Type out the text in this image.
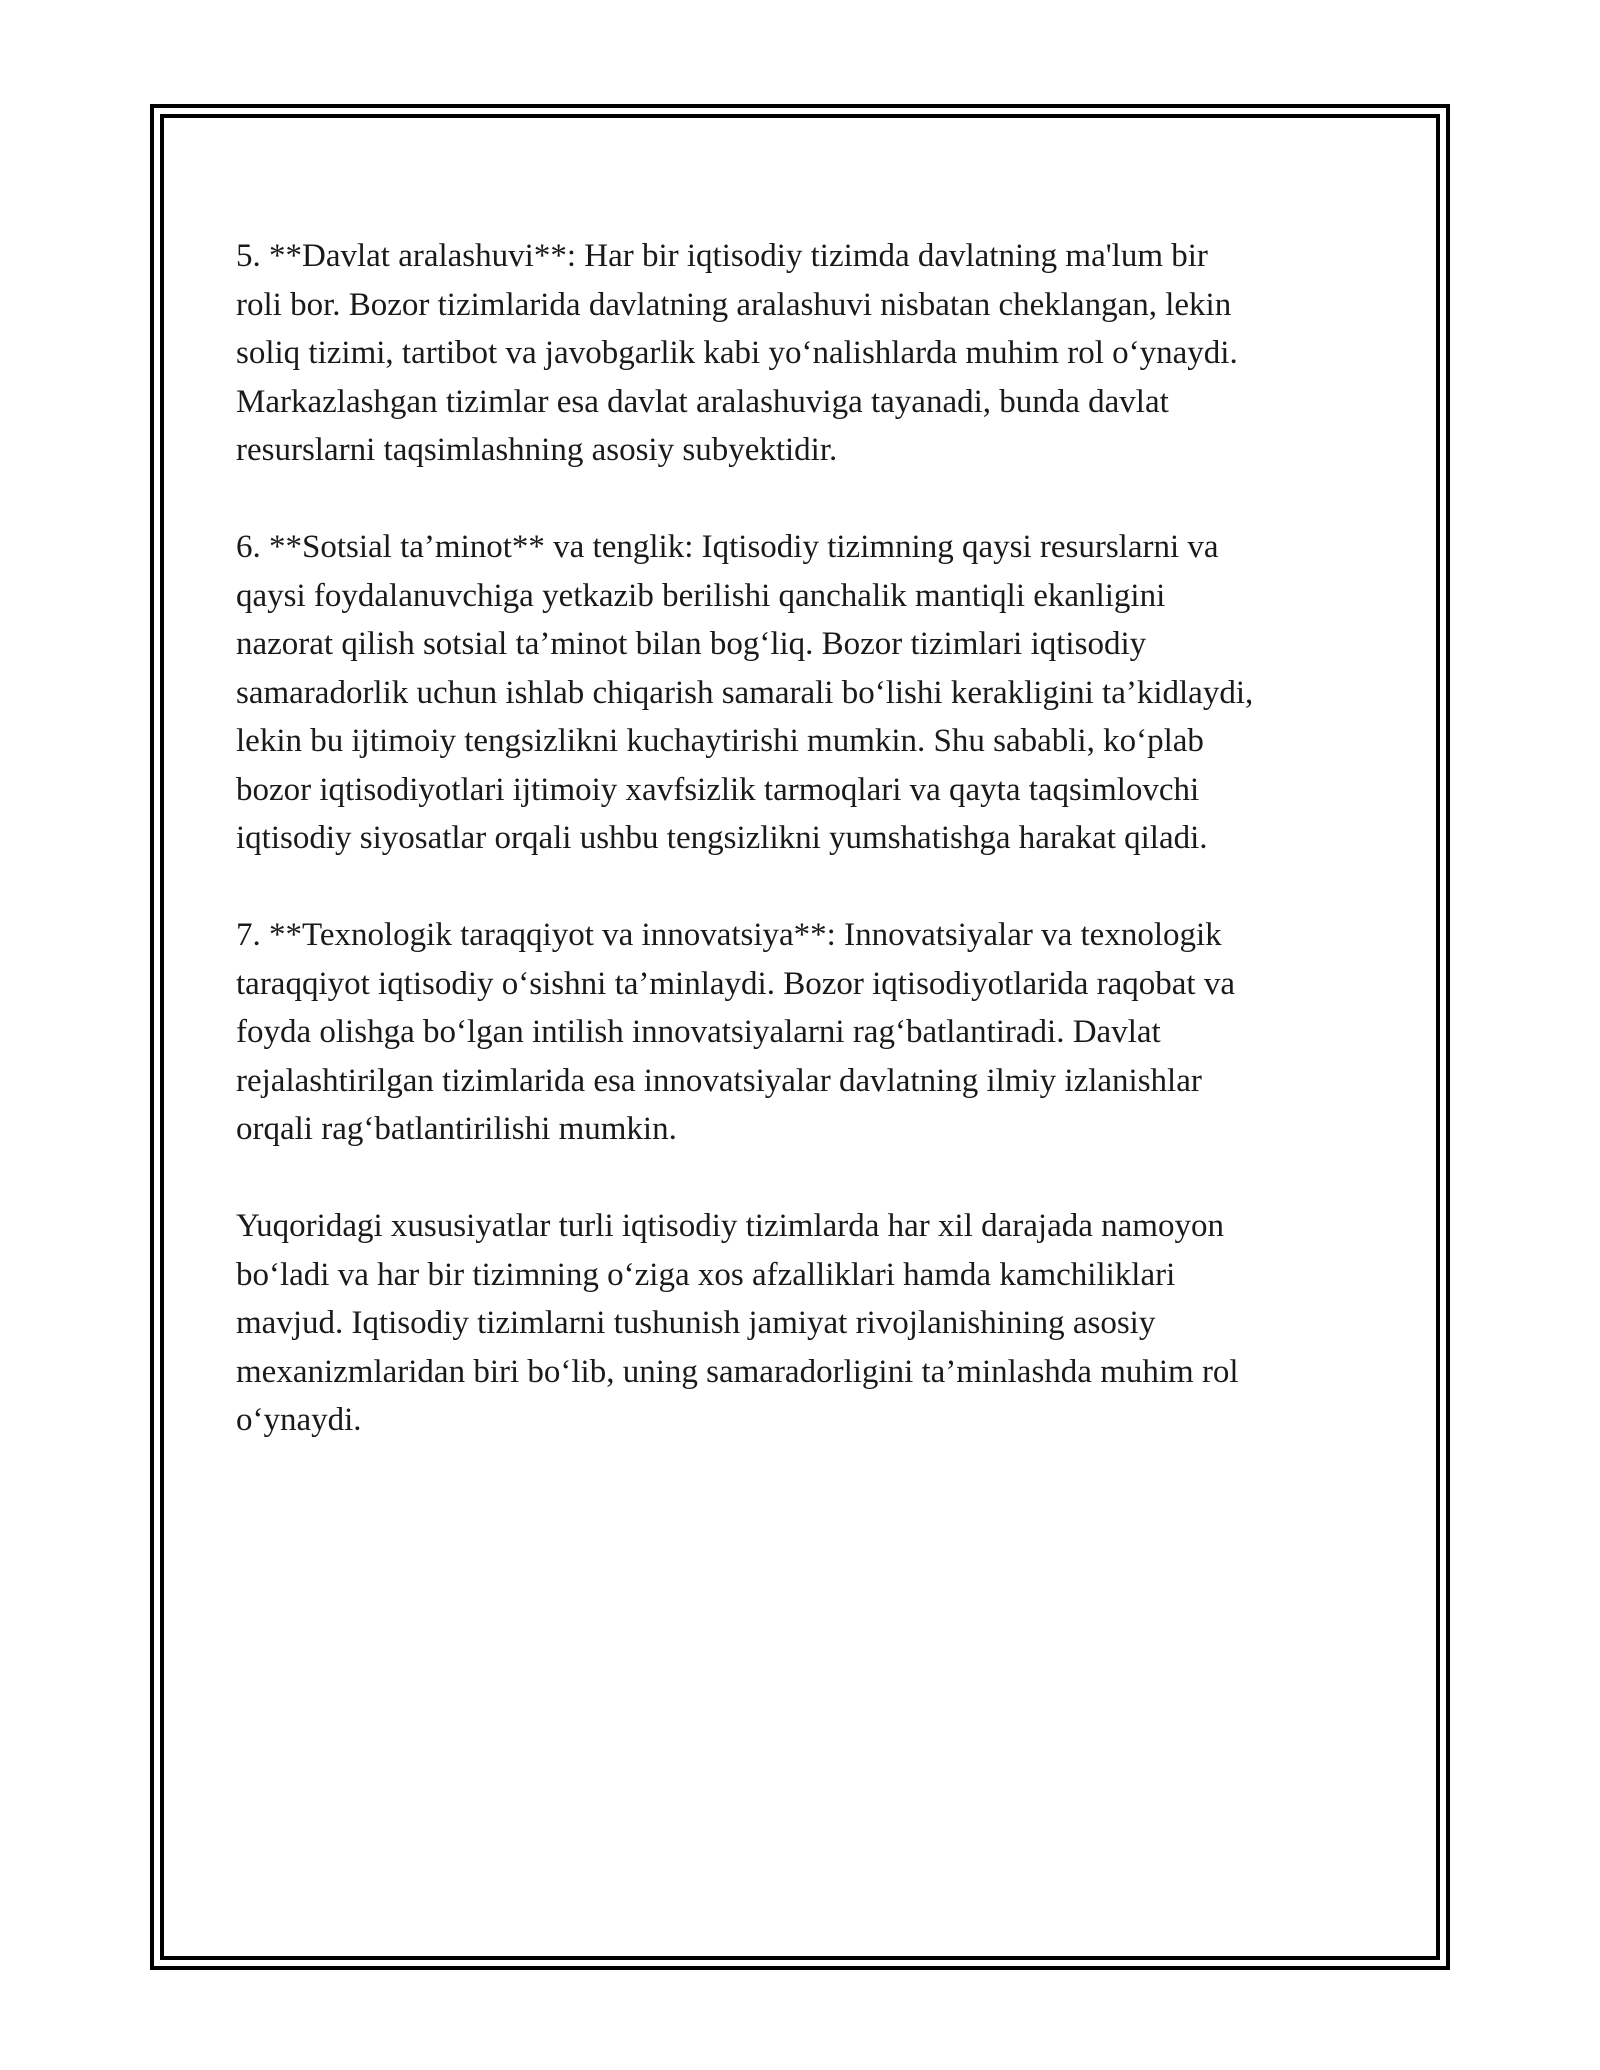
5. **Davlat aralashuvi**: Har bir iqtisodiy tizimda davlatning ma'lum bir
roli bor. Bozor tizimlarida davlatning aralashuvi nisbatan cheklangan, lekin
soliq tizimi, tartibot va javobgarlik kabi yo‘nalishlarda muhim rol o‘ynaydi.
Markazlashgan tizimlar esa davlat aralashuviga tayanadi, bunda davlat
resurslarni taqsimlashning asosiy subyektidir.

6. **Sotsial ta’minot** va tenglik: Iqtisodiy tizimning qaysi resurslarni va
qaysi foydalanuvchiga yetkazib berilishi qanchalik mantiqli ekanligini
nazorat qilish sotsial ta’minot bilan bog‘liq. Bozor tizimlari iqtisodiy
samaradorlik uchun ishlab chiqarish samarali bo‘lishi kerakligini ta’kidlaydi,
lekin bu ijtimoiy tengsizlikni kuchaytirishi mumkin. Shu sababli, ko‘plab
bozor iqtisodiyotlari ijtimoiy xavfsizlik tarmoqlari va qayta taqsimlovchi
iqtisodiy siyosatlar orqali ushbu tengsizlikni yumshatishga harakat qiladi.

7. **Texnologik taraqqiyot va innovatsiya**: Innovatsiyalar va texnologik
taraqqiyot iqtisodiy o‘sishni ta’minlaydi. Bozor iqtisodiyotlarida raqobat va
foyda olishga bo‘lgan intilish innovatsiyalarni rag‘batlantiradi. Davlat
rejalashtirilgan tizimlarida esa innovatsiyalar davlatning ilmiy izlanishlar
orqali rag‘batlantirilishi mumkin.

Yuqoridagi xususiyatlar turli iqtisodiy tizimlarda har xil darajada namoyon
bo‘ladi va har bir tizimning o‘ziga xos afzalliklari hamda kamchiliklari
mavjud. Iqtisodiy tizimlarni tushunish jamiyat rivojlanishining asosiy
mexanizmlaridan biri bo‘lib, uning samaradorligini ta’minlashda muhim rol
o‘ynaydi.
